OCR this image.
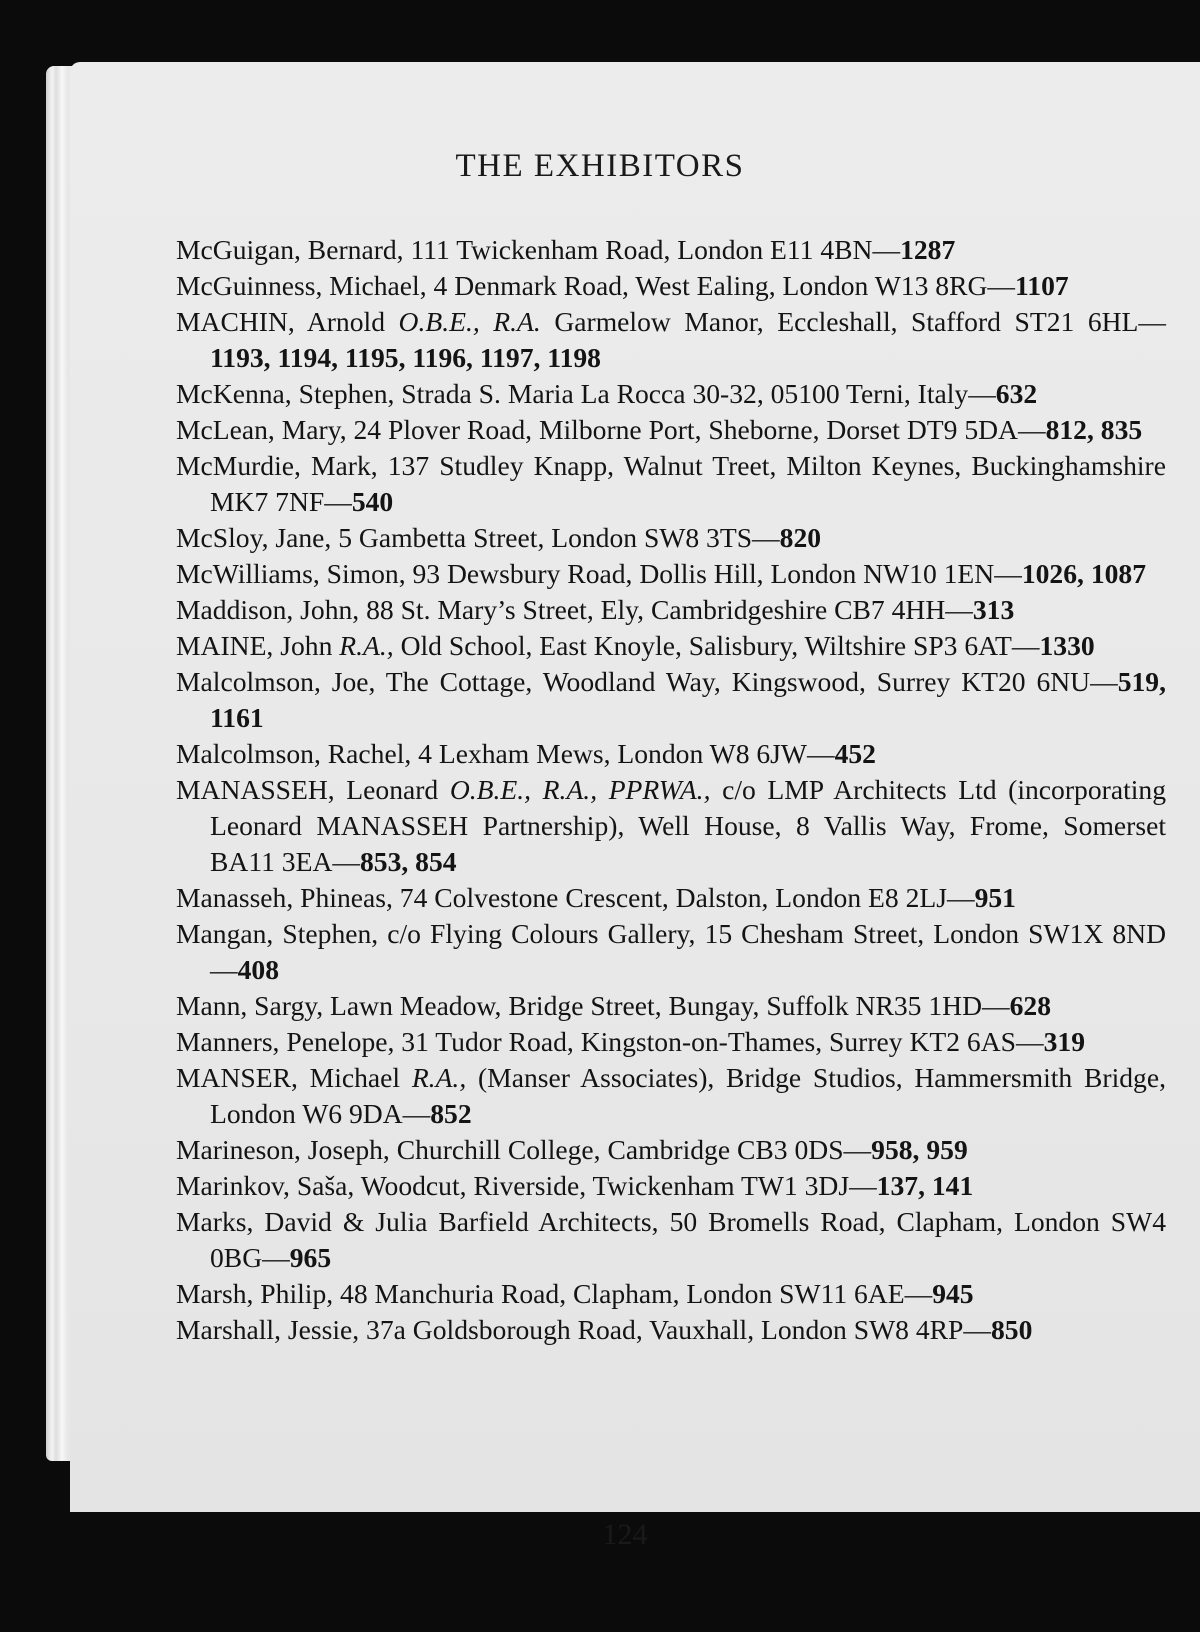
THE EXHIBITORS
McGuigan, Bernard, 111 Twickenham Road, London E11 4BN—1287
McGuinness, Michael, 4 Denmark Road, West Ealing, London W13 8RG—1107
MACHIN, Arnold O.B.E., R.A. Garmelow Manor, Eccleshall, Stafford ST21 6HL—1193, 1194, 1195, 1196, 1197, 1198
McKenna, Stephen, Strada S. Maria La Rocca 30-32, 05100 Terni, Italy—632
McLean, Mary, 24 Plover Road, Milborne Port, Sheborne, Dorset DT9 5DA—812, 835
McMurdie, Mark, 137 Studley Knapp, Walnut Treet, Milton Keynes, Buckinghamshire MK7 7NF—540
McSloy, Jane, 5 Gambetta Street, London SW8 3TS—820
McWilliams, Simon, 93 Dewsbury Road, Dollis Hill, London NW10 1EN—1026, 1087
Maddison, John, 88 St. Mary’s Street, Ely, Cambridgeshire CB7 4HH—313
MAINE, John R.A., Old School, East Knoyle, Salisbury, Wiltshire SP3 6AT—1330
Malcolmson, Joe, The Cottage, Woodland Way, Kingswood, Surrey KT20 6NU—519, 1161
Malcolmson, Rachel, 4 Lexham Mews, London W8 6JW—452
MANASSEH, Leonard O.B.E., R.A., PPRWA., c/o LMP Architects Ltd (incorporating Leonard MANASSEH Partnership), Well House, 8 Vallis Way, Frome, Somerset BA11 3EA—853, 854
Manasseh, Phineas, 74 Colvestone Crescent, Dalston, London E8 2LJ—951
Mangan, Stephen, c/o Flying Colours Gallery, 15 Chesham Street, London SW1X 8ND—408
Mann, Sargy, Lawn Meadow, Bridge Street, Bungay, Suffolk NR35 1HD—628
Manners, Penelope, 31 Tudor Road, Kingston-on-Thames, Surrey KT2 6AS—319
MANSER, Michael R.A., (Manser Associates), Bridge Studios, Hammersmith Bridge, London W6 9DA—852
Marineson, Joseph, Churchill College, Cambridge CB3 0DS—958, 959
Marinkov, Saša, Woodcut, Riverside, Twickenham TW1 3DJ—137, 141
Marks, David & Julia Barfield Architects, 50 Bromells Road, Clapham, London SW4 0BG—965
Marsh, Philip, 48 Manchuria Road, Clapham, London SW11 6AE—945
Marshall, Jessie, 37a Goldsborough Road, Vauxhall, London SW8 4RP—850
124
